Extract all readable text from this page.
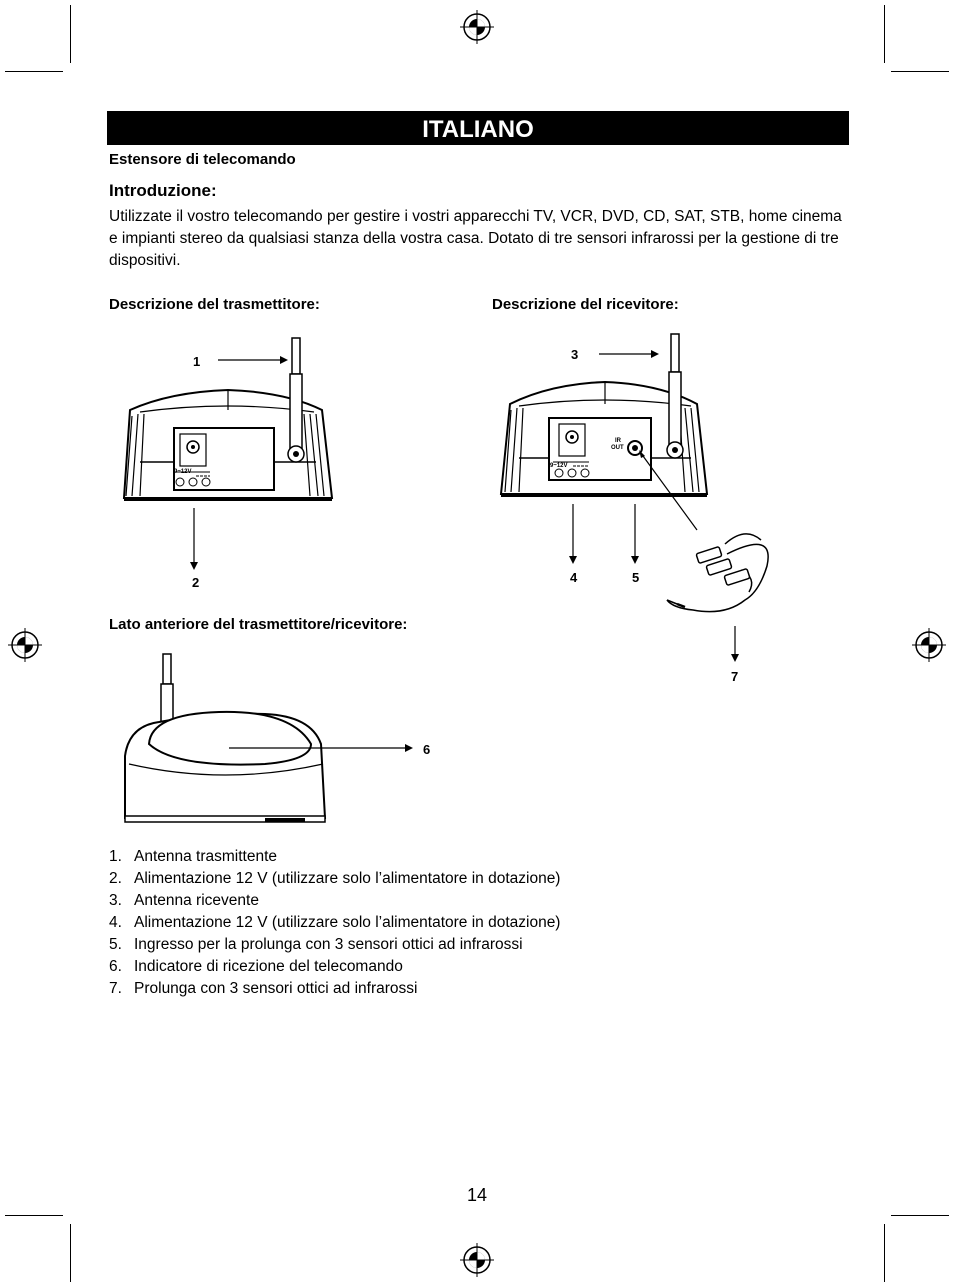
ITALIANO
Estensore di telecomando
Introduzione:
Utilizzate il vostro telecomando per gestire i vostri apparecchi TV, VCR, DVD, CD, SAT, STB, home cinema e impianti stereo da qualsiasi stanza della vostra casa. Dotato di tre sensori infrarossi per la gestione di tre dispositivi.
Descrizione del trasmettitore:	Descrizione del ricevitore:
Lato anteriore del trasmettitore/ricevitore:
9~12V
1
2
9~12V
IR
OUT
3
4	5
7
6
1. Antenna trasmittente
2. Alimentazione 12 V (utilizzare solo l’alimentatore in dotazione)
3. Antenna ricevente
4. Alimentazione 12 V (utilizzare solo l’alimentatore in dotazione)
5. Ingresso per la prolunga con 3 sensori ottici ad infrarossi
6. Indicatore di ricezione del telecomando
7. Prolunga con 3 sensori ottici ad infrarossi
14
